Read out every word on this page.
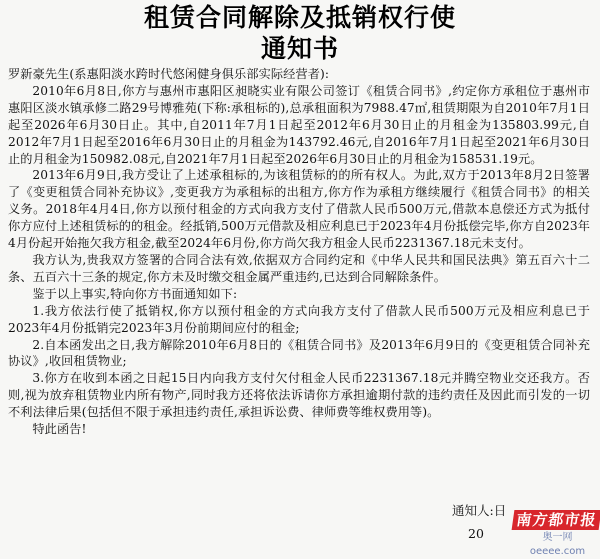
租赁合同解除及抵销权行使
通知书

罗新豪先生(系惠阳淡水跨时代悠闲健身俱乐部实际经营者):

2010年6月8日,你方与惠州市惠阳区昶晓实业有限公司签订《租赁合同书》,约定你方承租位于惠州市惠阳区淡水镇承修二路29号博雅苑(下称:承租标的),总承租面积为7988.47㎡,租赁期限为自2010年7月1日起至2026年6月30日止。其中,自2011年7月1日起至2012年6月30日止的月租金为135803.99元,自2012年7月1日起至2016年6月30日止的月租金为143792.46元,自2016年7月1日起至2021年6月30日止的月租金为150982.08元,自2021年7月1日起至2026年6月30日止的月租金为158531.19元。

2013年6月9日,我方受让了上述承租标的,为该租赁标的的所有权人。为此,双方于2013年8月2日签署了《变更租赁合同补充协议》,变更我方为承租标的出租方,你方作为承租方继续履行《租赁合同书》的相关义务。2018年4月4日,你方以预付租金的方式向我方支付了借款人民币500万元,借款本息偿还方式为抵付你方应付上述租赁标的的租金。经抵销,500万元借款及相应利息已于2023年4月份抵偿完毕,你方自2023年4月份起开始拖欠我方租金,截至2024年6月份,你方尚欠我方租金人民币2231367.18元未支付。

我方认为,贵我双方签署的合同合法有效,依据双方合同约定和《中华人民共和国民法典》第五百六十二条、五百六十三条的规定,你方未及时缴交租金属严重违约,已达到合同解除条件。

鉴于以上事实,特向你方书面通知如下:

1.我方依法行使了抵销权,你方以预付租金的方式向我方支付了借款人民币500万元及相应利息已于2023年4月份抵销完2023年3月份前期间应付的租金;

2.自本函发出之日,我方解除2010年6月8日的《租赁合同书》及2013年6月9日的《变更租赁合同补充协议》,收回租赁物业;

3.你方在收到本函之日起15日内向我方支付欠付租金人民币2231367.18元并腾空物业交还我方。否则,视为放弃租赁物业内所有物产,同时我方还将依法诉请你方承担逾期付款的违约责任及因此而引发的一切不利法律后果(包括但不限于承担违约责任,承担诉讼费、律师费等维权费用等)。

特此函告!

通知人:日
20
南方都市报
奥一网oeeee.com
